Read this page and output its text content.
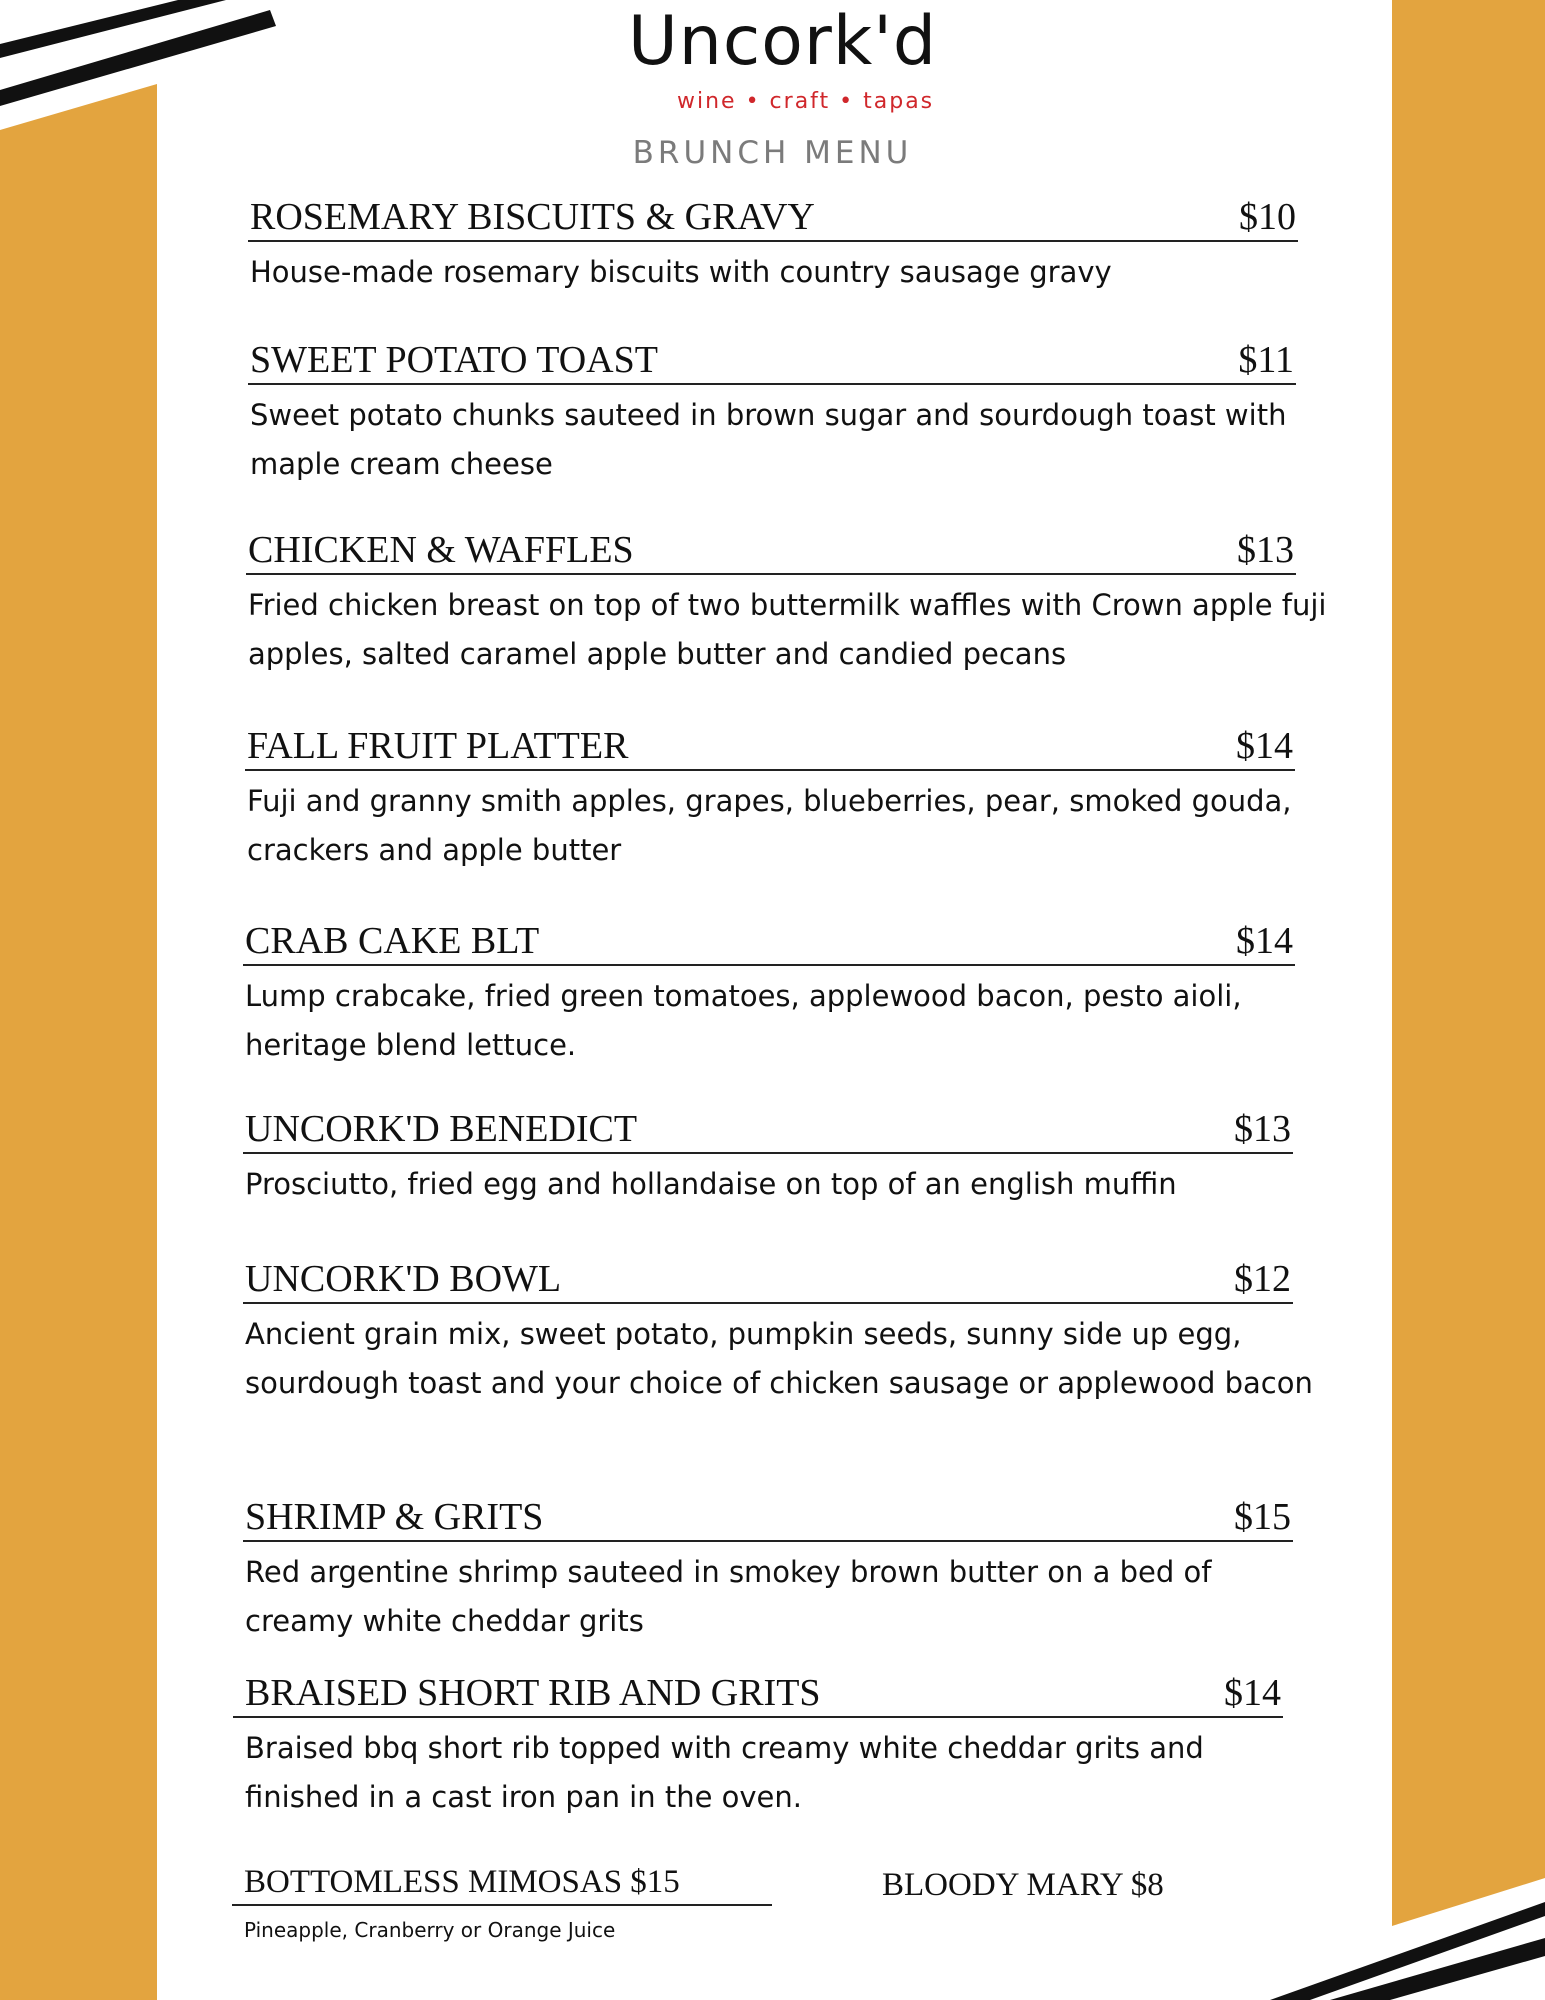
Uncork'd
wine • craft • tapas
BRUNCH MENU
ROSEMARY BISCUITS & GRAVY	$10
House-made rosemary biscuits with country sausage gravy
SWEET POTATO TOAST	$11
Sweet potato chunks sauteed in brown sugar and sourdough toast with maple cream cheese
CHICKEN & WAFFLES	$13
Fried chicken breast on top of two buttermilk waffles with Crown apple fuji apples, salted caramel apple butter and candied pecans
FALL FRUIT PLATTER	$14
Fuji and granny smith apples, grapes, blueberries, pear, smoked gouda, crackers and apple butter
CRAB CAKE BLT	$14
Lump crabcake, fried green tomatoes, applewood bacon, pesto aioli, heritage blend lettuce.
UNCORK'D BENEDICT	$13
Prosciutto, fried egg and hollandaise on top of an english muffin
UNCORK'D BOWL	$12
Ancient grain mix, sweet potato, pumpkin seeds, sunny side up egg, sourdough toast and your choice of chicken sausage or applewood bacon
SHRIMP & GRITS	$15
Red argentine shrimp sauteed in smokey brown butter on a bed of creamy white cheddar grits
BRAISED SHORT RIB AND GRITS	$14
Braised bbq short rib topped with creamy white cheddar grits and finished in a cast iron pan in the oven.
BOTTOMLESS MIMOSAS $15
Pineapple, Cranberry or Orange Juice
BLOODY MARY $8
